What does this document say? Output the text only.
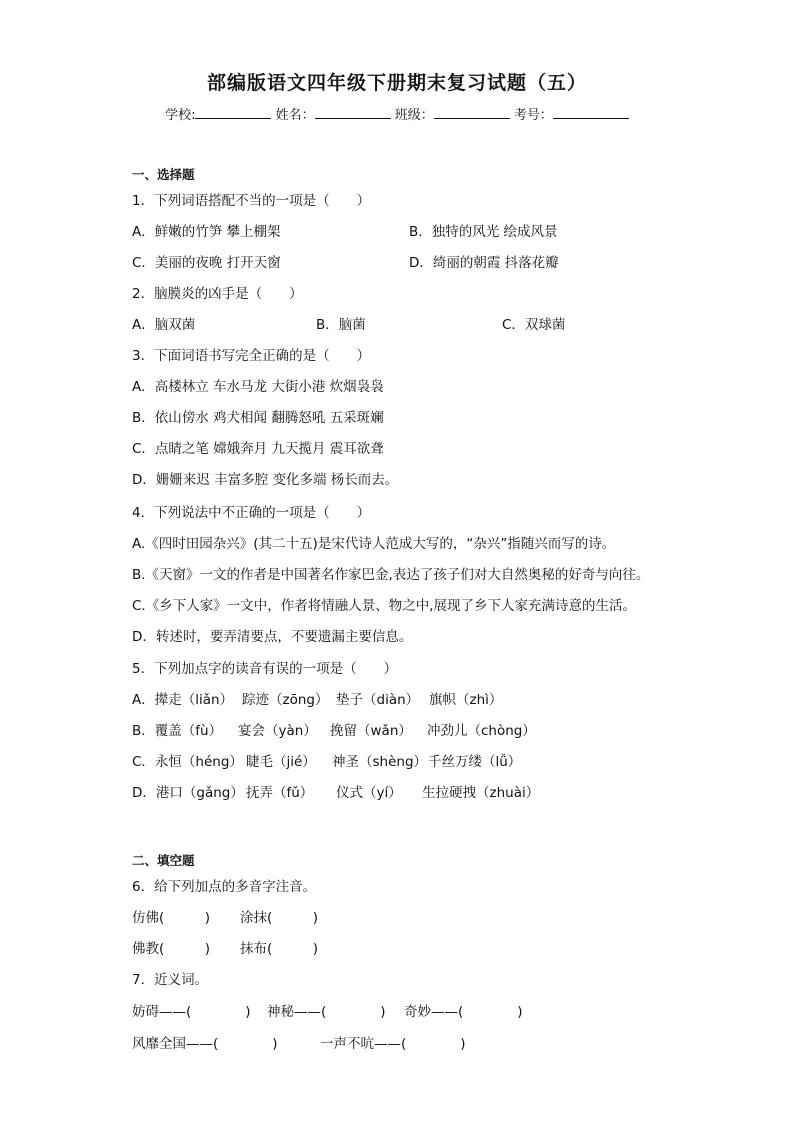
部编版语文四年级下册期末复习试题（五）
学校:	姓名：	班级：	考号：
一、选择题
1．下列词语搭配不当的一项是（　　）
A．鲜嫩的竹笋 攀上棚架	B．独特的风光 绘成风景
C．美丽的夜晚 打开天窗	D．绮丽的朝霞 抖落花瓣
2．脑膜炎的凶手是（　　）
A．脑双菌	B．脑菌	C．双球菌
3．下面词语书写完全正确的是（　　）
A．高楼林立 车水马龙 大街小港 炊烟袅袅
B．依山傍水 鸡犬相闻 翻腾怒吼 五采斑斓
C．点睛之笔 嫦娥奔月 九天揽月 震耳欲聋
D．姗姗来迟 丰富多腔 变化多端 杨长而去。
4．下列说法中不正确的一项是（　　）
A.《四时田园杂兴》(其二十五)是宋代诗人范成大写的，“杂兴”指随兴而写的诗。
B.《天窗》一文的作者是中国著名作家巴金,表达了孩子们对大自然奥秘的好奇与向往。
C.《乡下人家》一文中，作者将情融人景、物之中,展现了乡下人家充满诗意的生活。
D．转述时，要弄清要点，不要遗漏主要信息。
5．下列加点字的读音有误的一项是（　　）
A．撵走（liǎn） 踪迹（zōng） 垫子（diàn） 旗帜（zhì）
B．覆盖（fù） 宴会（yàn） 挽留（wǎn） 冲劲儿（chòng）
C．永恒（héng） 睫毛（jié） 神圣（shèng） 千丝万缕（lǚ）
D．港口（gǎng） 抚弄（fǔ） 仪式（yí） 生拉硬拽（zhuài）
二、填空题
6．给下列加点的多音字注音。
仿佛(　　　) 涂抹(　　　)
佛教(　　　) 抹布(　　　)
7．近义词。
妨碍——(　　　　) 神秘——(　　　　) 奇妙——(　　　　)
风靡全国——(　　　　)	一声不吭——(　　　　)
